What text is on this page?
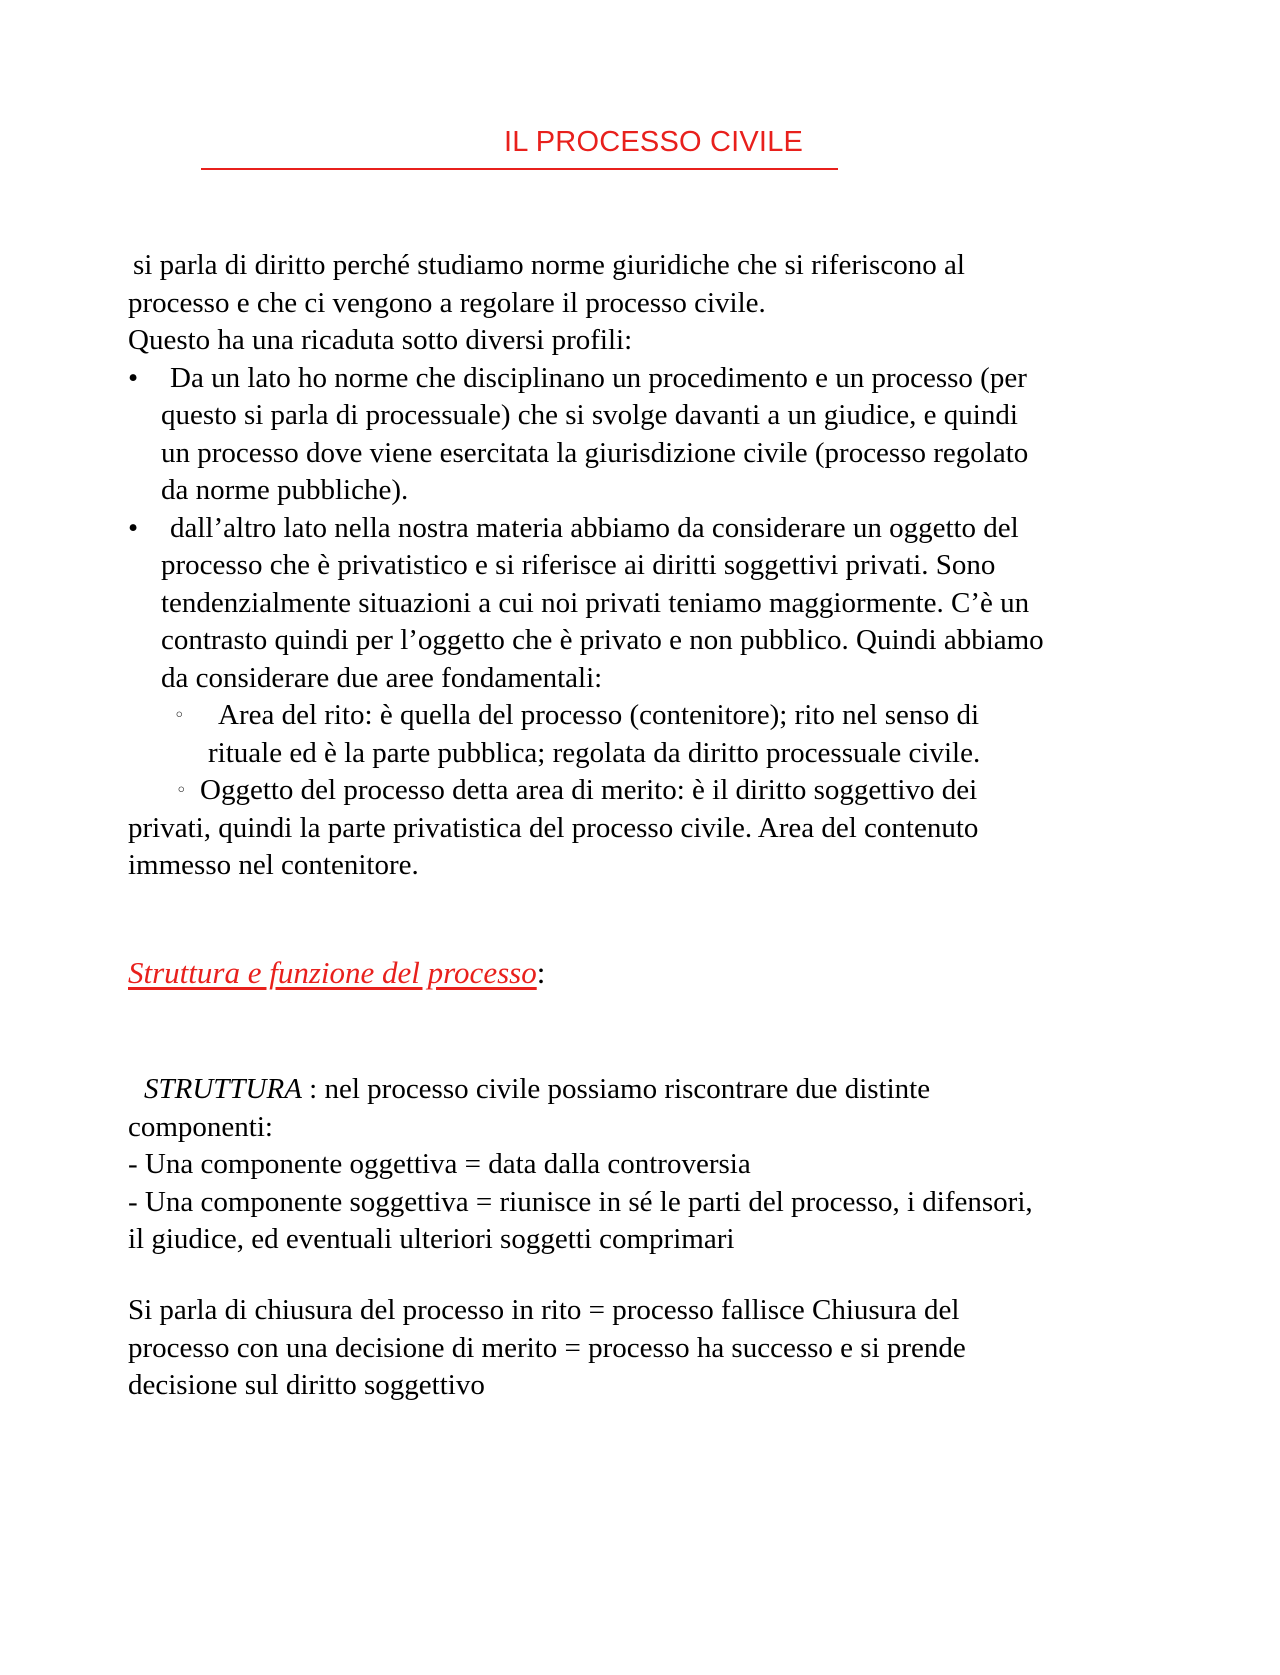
IL PROCESSO CIVILE
si parla di diritto perché studiamo norme giuridiche che si riferiscono al
processo e che ci vengono a regolare il processo civile.
Questo ha una ricaduta sotto diversi profili:
•	Da un lato ho norme che disciplinano un procedimento e un processo (per
questo si parla di processuale) che si svolge davanti a un giudice, e quindi
un processo dove viene esercitata la giurisdizione civile (processo regolato
da norme pubbliche).
•	dall’altro lato nella nostra materia abbiamo da considerare un oggetto del
processo che è privatistico e si riferisce ai diritti soggettivi privati. Sono
tendenzialmente situazioni a cui noi privati teniamo maggiormente. C’è un
contrasto quindi per l’oggetto che è privato e non pubblico. Quindi abbiamo
da considerare due aree fondamentali:
◦	Area del rito: è quella del processo (contenitore); rito nel senso di
rituale ed è la parte pubblica; regolata da diritto processuale civile.
◦ Oggetto del processo detta area di merito: è il diritto soggettivo dei
privati, quindi la parte privatistica del processo civile. Area del contenuto
immesso nel contenitore.
Struttura e funzione del processo:
STRUTTURA : nel processo civile possiamo riscontrare due distinte
componenti:
- Una componente oggettiva = data dalla controversia
- Una componente soggettiva = riunisce in sé le parti del processo, i difensori,
il giudice, ed eventuali ulteriori soggetti comprimari
Si parla di chiusura del processo in rito = processo fallisce Chiusura del
processo con una decisione di merito = processo ha successo e si prende
decisione sul diritto soggettivo
